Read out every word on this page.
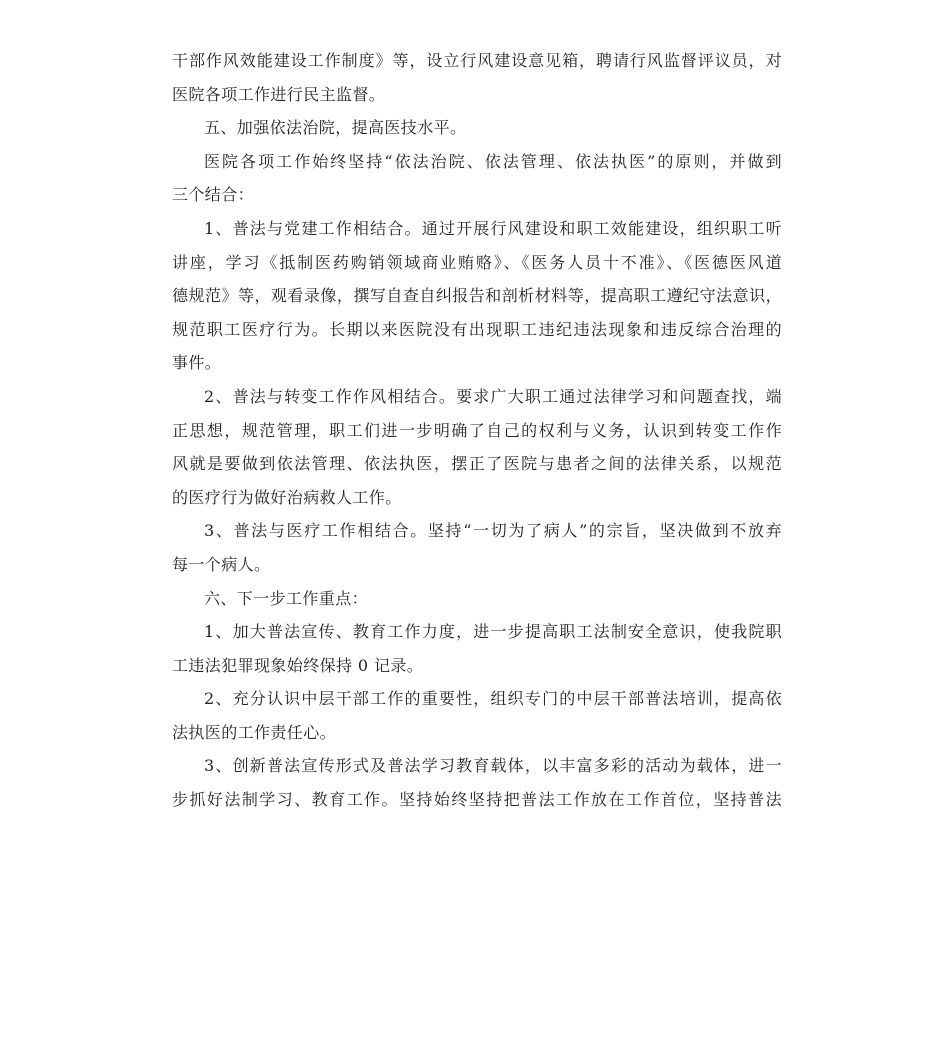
干部作风效能建设工作制度》等，设立行风建设意见箱，聘请行风监督评议员，对
医院各项工作进行民主监督。
五、加强依法治院，提高医技水平。
医院各项工作始终坚持“依法治院、依法管理、依法执医”的原则，并做到
三个结合：
1、普法与党建工作相结合。通过开展行风建设和职工效能建设，组织职工听
讲座，学习《抵制医药购销领域商业贿赂》、《医务人员十不准》、《医德医风道
德规范》等，观看录像，撰写自查自纠报告和剖析材料等，提高职工遵纪守法意识，
规范职工医疗行为。长期以来医院没有出现职工违纪违法现象和违反综合治理的
事件。
2、普法与转变工作作风相结合。要求广大职工通过法律学习和问题查找，端
正思想，规范管理，职工们进一步明确了自己的权利与义务，认识到转变工作作
风就是要做到依法管理、依法执医，摆正了医院与患者之间的法律关系，以规范
的医疗行为做好治病救人工作。
3、普法与医疗工作相结合。坚持“一切为了病人”的宗旨，坚决做到不放弃
每一个病人。
六、下一步工作重点：
1、加大普法宣传、教育工作力度，进一步提高职工法制安全意识，使我院职
工违法犯罪现象始终保持 0 记录。
2、充分认识中层干部工作的重要性，组织专门的中层干部普法培训，提高依
法执医的工作责任心。
3、创新普法宣传形式及普法学习教育载体，以丰富多彩的活动为载体，进一
步抓好法制学习、教育工作。坚持始终坚持把普法工作放在工作首位，坚持普法
